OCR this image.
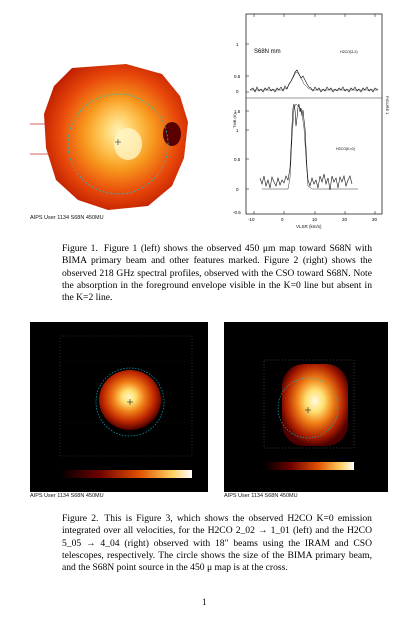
AIPS User 1134 S68N 450MU
1
0.5
0
1.5
1
0.5
0
-0.5
-10	0	10	20	30
S68N mm	H2CO(3-2)
H2CO(K=0)
TMB (K)
FIGURE 1
VLSR (km/s)
Figure 1. Figure 1 (left) shows the observed 450 μm map toward S68N with BIMA primary beam and other features marked. Figure 2 (right) shows the observed 218 GHz spectral profiles, observed with the CSO toward S68N. Note the absorption in the foreground envelope visible in the K=0 line but absent in the K=2 line.
AIPS User 1134 S68N 450MU	AIPS User 1134 S68N 450MU
Figure 2. This is Figure 3, which shows the observed H2CO K=0 emission integrated over all velocities, for the H2CO 2_02 → 1_01 (left) and the H2CO 5_05 → 4_04 (right) observed with 18″ beams using the IRAM and CSO telescopes, respectively. The circle shows the size of the BIMA primary beam, and the S68N point source in the 450 μ map is at the cross.
1
